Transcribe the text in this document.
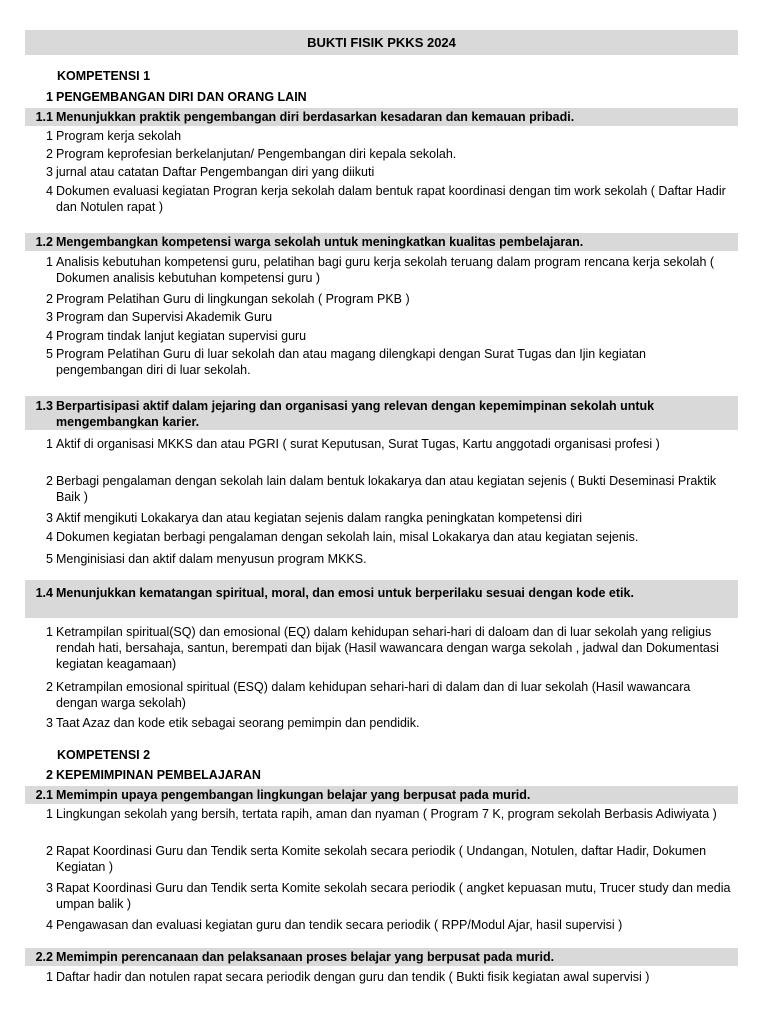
BUKTI FISIK PKKS 2024
KOMPETENSI 1
1 PENGEMBANGAN DIRI DAN ORANG LAIN
1.1 Menunjukkan praktik pengembangan diri berdasarkan kesadaran dan kemauan pribadi.
1 Program kerja sekolah
2 Program keprofesian berkelanjutan/ Pengembangan diri kepala sekolah.
3 jurnal atau catatan Daftar Pengembangan diri yang diikuti
4 Dokumen evaluasi kegiatan Progran kerja sekolah dalam bentuk rapat koordinasi dengan tim work sekolah ( Daftar Hadir dan Notulen rapat )
1.2 Mengembangkan kompetensi warga sekolah untuk meningkatkan kualitas pembelajaran.
1 Analisis kebutuhan kompetensi guru, pelatihan bagi guru kerja sekolah teruang dalam program rencana kerja sekolah ( Dokumen analisis kebutuhan kompetensi guru )
2 Program Pelatihan Guru di lingkungan sekolah ( Program PKB )
3 Program dan Supervisi Akademik Guru
4 Program tindak lanjut kegiatan supervisi guru
5 Program Pelatihan Guru di luar sekolah dan atau magang dilengkapi dengan Surat Tugas dan Ijin kegiatan pengembangan diri di luar sekolah.
1.3 Berpartisipasi aktif dalam jejaring dan organisasi yang relevan dengan kepemimpinan sekolah untuk mengembangkan karier.
1 Aktif di organisasi MKKS dan atau PGRI ( surat Keputusan, Surat Tugas, Kartu anggotadi organisasi profesi )
2 Berbagi pengalaman dengan sekolah lain dalam bentuk lokakarya dan atau kegiatan sejenis ( Bukti Deseminasi Praktik Baik )
3 Aktif mengikuti Lokakarya dan atau kegiatan sejenis dalam rangka peningkatan kompetensi diri
4 Dokumen kegiatan berbagi pengalaman dengan sekolah lain, misal Lokakarya dan atau kegiatan sejenis.
5 Menginisiasi dan aktif dalam menyusun program MKKS.
1.4 Menunjukkan kematangan spiritual, moral, dan emosi untuk berperilaku sesuai dengan kode etik.
1 Ketrampilan spiritual(SQ) dan emosional (EQ) dalam kehidupan sehari-hari di daloam dan di luar sekolah yang religius rendah hati, bersahaja, santun, berempati dan bijak (Hasil wawancara dengan warga sekolah , jadwal dan Dokumentasi kegiatan keagamaan)
2 Ketrampilan emosional spiritual (ESQ) dalam kehidupan sehari-hari di dalam dan di luar sekolah (Hasil wawancara dengan warga sekolah)
3 Taat Azaz dan kode etik sebagai seorang pemimpin dan pendidik.
KOMPETENSI 2
2 KEPEMIMPINAN PEMBELAJARAN
2.1 Memimpin upaya pengembangan lingkungan belajar yang berpusat pada murid.
1 Lingkungan sekolah yang bersih, tertata rapih, aman dan nyaman ( Program 7 K, program sekolah Berbasis Adiwiyata )
2 Rapat Koordinasi Guru dan Tendik serta Komite sekolah secara periodik ( Undangan, Notulen, daftar Hadir, Dokumen Kegiatan )
3 Rapat Koordinasi Guru dan Tendik serta Komite sekolah secara periodik ( angket kepuasan mutu, Trucer study dan media umpan balik )
4 Pengawasan dan evaluasi kegiatan guru dan tendik secara periodik ( RPP/Modul Ajar, hasil supervisi )
2.2 Memimpin perencanaan dan pelaksanaan proses belajar yang berpusat pada murid.
1 Daftar hadir dan notulen rapat secara periodik dengan guru dan tendik ( Bukti fisik kegiatan awal supervisi )
